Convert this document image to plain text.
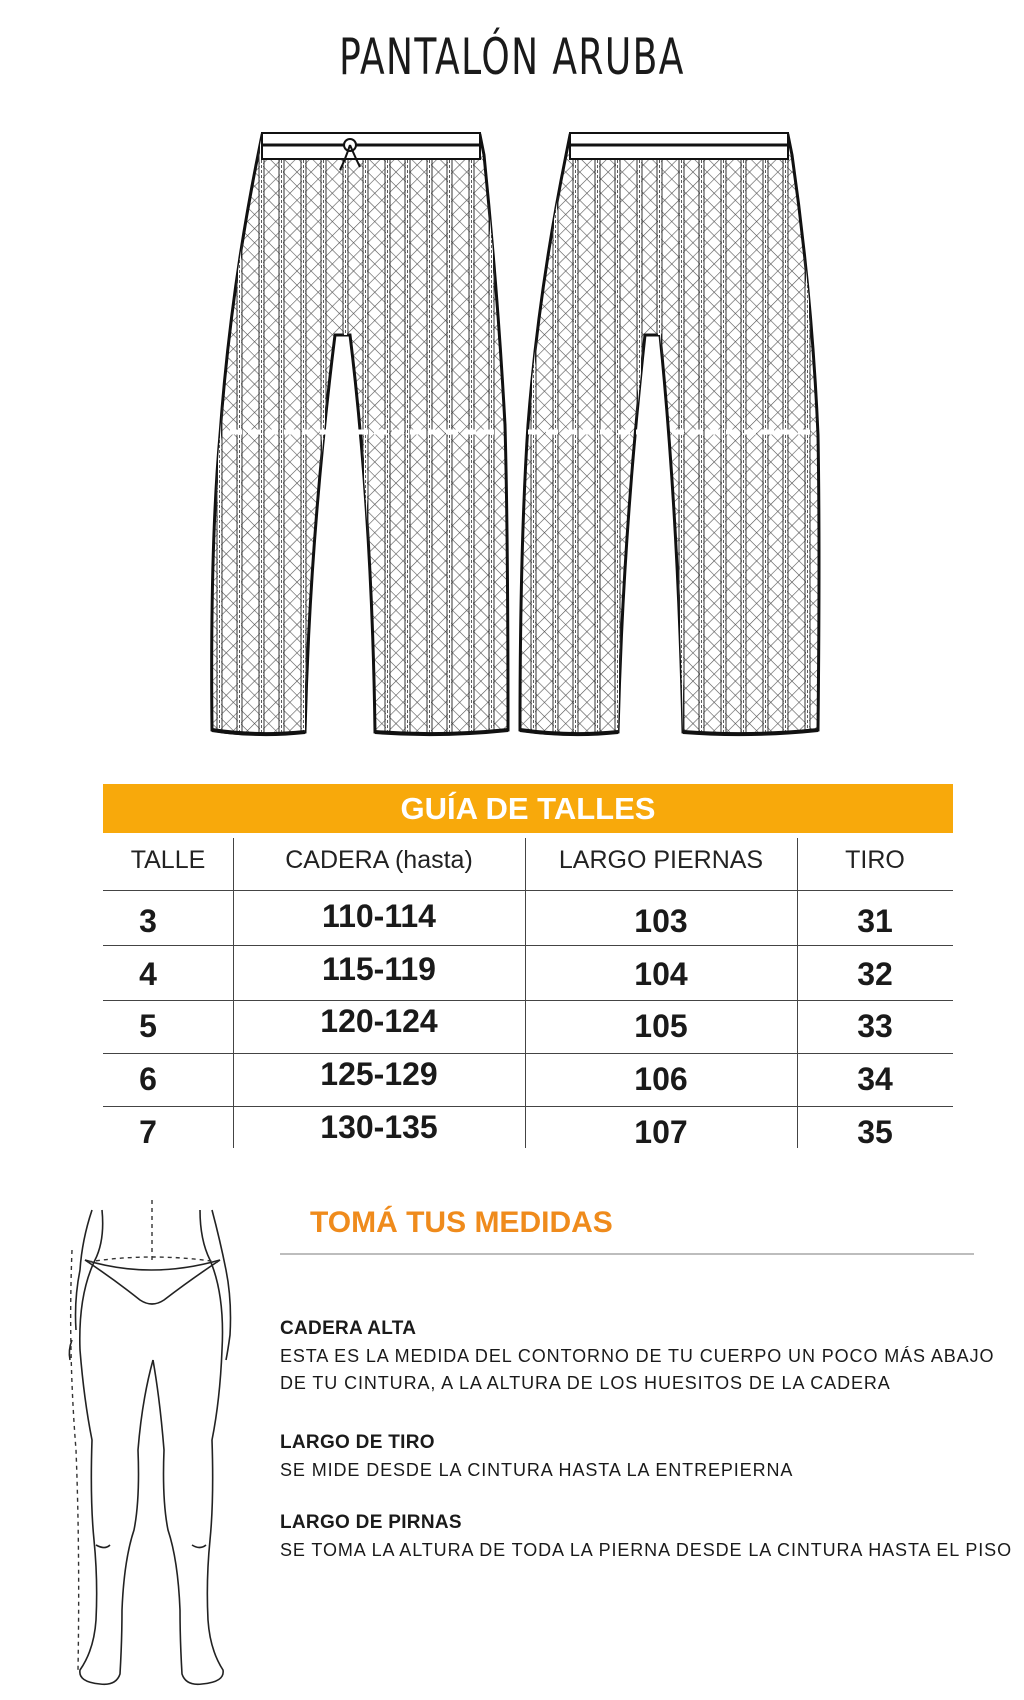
PANTALÓN ARUBA
GUÍA DE TALLES
TALLE	CADERA (hasta)	LARGO PIERNAS	TIRO
3	110-114	103	31
4	115-119	104	32
5	120-124	105	33
6	125-129	106	34
7	130-135	107	35
TOMÁ TUS MEDIDAS
CADERA ALTA
ESTA ES LA MEDIDA DEL CONTORNO DE TU CUERPO UN POCO MÁS ABAJO
DE TU CINTURA, A LA ALTURA DE LOS HUESITOS DE LA CADERA
LARGO DE TIRO
SE MIDE DESDE LA CINTURA HASTA LA ENTREPIERNA
LARGO DE PIRNAS
SE TOMA LA ALTURA DE TODA LA PIERNA DESDE LA CINTURA HASTA EL PISO
